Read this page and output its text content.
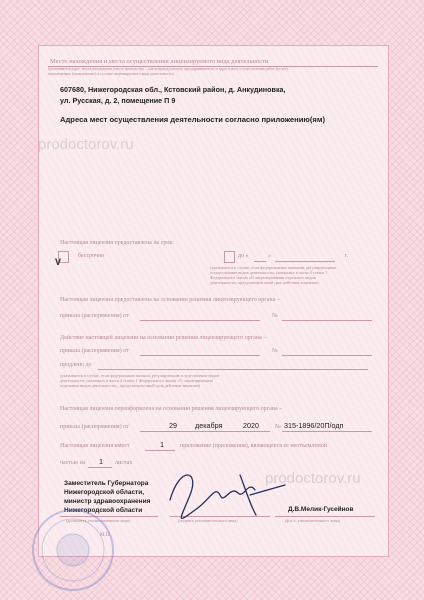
Место нахождения и места осуществления лицензируемого вида деятельности
(указываются адрес места нахождения (место жительства – для индивидуального предпринимателя) и адреса мест осуществления работ (услуг),
выполняемых (оказываемых) в составе лицензируемого вида деятельности)
607680, Нижегородская обл., Кстовский район, д. Анкудиновка,
ул. Русская, д. 2, помещение П 9
Адреса мест осуществления деятельности согласно приложению(ям)
prodoctorov.ru
prodoctorov.ru
Настоящая лицензия предоставлена на срок:
V
бессрочно	до «	»	г.
(указывается в случае, если федеральными законами, регулирующими
осуществление видов деятельности, указанных в части 4 статьи 1
Федерального закона «О лицензировании отдельных видов
деятельности», предусмотрен иной срок действия лицензии)
Настоящая лицензия предоставлена на основании решения лицензирующего органа –
приказа (распоряжения) от	№
Действие настоящей лицензии на основании решения лицензирующего органа –
приказа (распоряжения) от	№
продлено до
(указывается в случае, если федеральным законом, регулирующим осуществление видов
деятельности, указанных в части 4 статьи 1 Федерального закона «О лицензировании
отдельных видов деятельности», предусмотрен иной срок действия лицензии)
Настоящая лицензия переоформлена на основании решения лицензирующего органа –
приказа (распоряжения) от	29	декабря	2020	№ 315-1896/20П/одп
Настоящая лицензия имеет	1	приложение (приложения), являющееся ее неотъемлемой
частью на 1 листах
Заместитель Губернатора
Нижегородской области,
министр здравоохранения
Нижегородской области
(должность уполномоченного лица)	(подпись уполномоченного лица)
Д.В.Мелик-Гусейнов
(ф.и.о. уполномоченного лица)
М.П.
